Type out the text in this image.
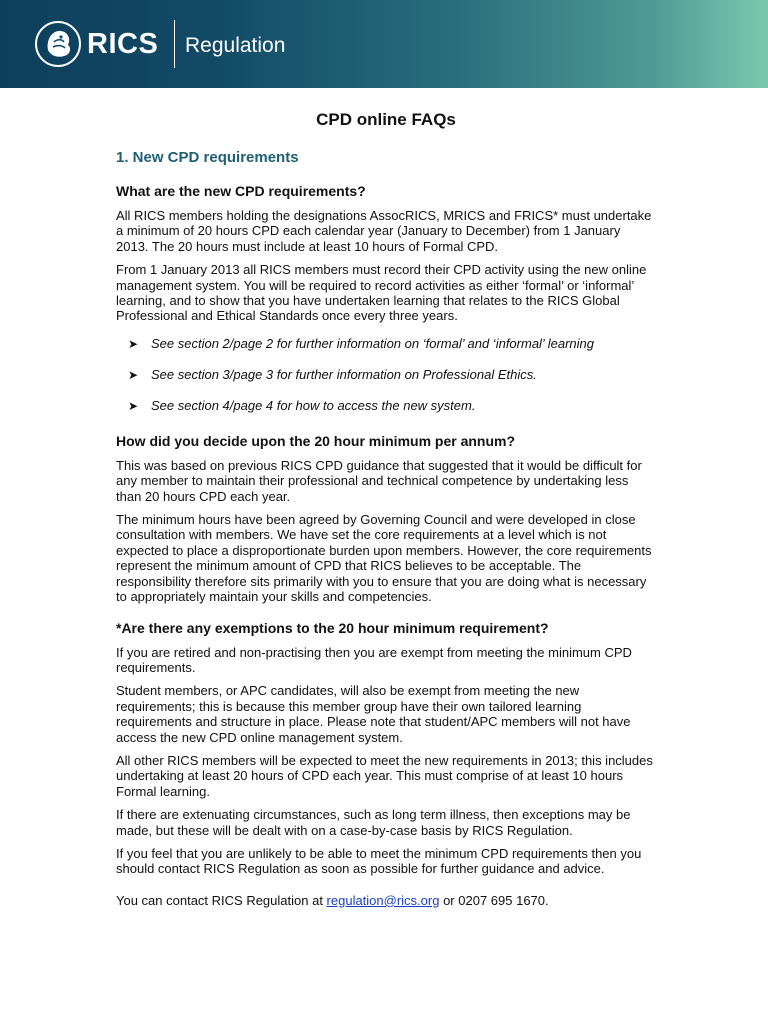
RICS Regulation
CPD online FAQs
1. New CPD requirements
What are the new CPD requirements?

All RICS members holding the designations AssocRICS, MRICS and FRICS* must undertake a minimum of 20 hours CPD each calendar year (January to December) from 1 January 2013. The 20 hours must include at least 10 hours of Formal CPD.

From 1 January 2013 all RICS members must record their CPD activity using the new online management system. You will be required to record activities as either ‘formal’ or ‘informal’ learning, and to show that you have undertaken learning that relates to the RICS Global Professional and Ethical Standards once every three years.

➤ See section 2/page 2 for further information on ‘formal’ and ‘informal’ learning
➤ See section 3/page 3 for further information on Professional Ethics.
➤ See section 4/page 4 for how to access the new system.
How did you decide upon the 20 hour minimum per annum?

This was based on previous RICS CPD guidance that suggested that it would be difficult for any member to maintain their professional and technical competence by undertaking less than 20 hours CPD each year.

The minimum hours have been agreed by Governing Council and were developed in close consultation with members. We have set the core requirements at a level which is not expected to place a disproportionate burden upon members. However, the core requirements represent the minimum amount of CPD that RICS believes to be acceptable. The responsibility therefore sits primarily with you to ensure that you are doing what is necessary to appropriately maintain your skills and competencies.

*Are there any exemptions to the 20 hour minimum requirement?

If you are retired and non-practising then you are exempt from meeting the minimum CPD requirements.

Student members, or APC candidates, will also be exempt from meeting the new requirements; this is because this member group have their own tailored learning requirements and structure in place. Please note that student/APC members will not have access the new CPD online management system.

All other RICS members will be expected to meet the new requirements in 2013; this includes undertaking at least 20 hours of CPD each year. This must comprise of at least 10 hours Formal learning.

If there are extenuating circumstances, such as long term illness, then exceptions may be made, but these will be dealt with on a case-by-case basis by RICS Regulation.

If you feel that you are unlikely to be able to meet the minimum CPD requirements then you should contact RICS Regulation as soon as possible for further guidance and advice.

You can contact RICS Regulation at regulation@rics.org or 0207 695 1670.
